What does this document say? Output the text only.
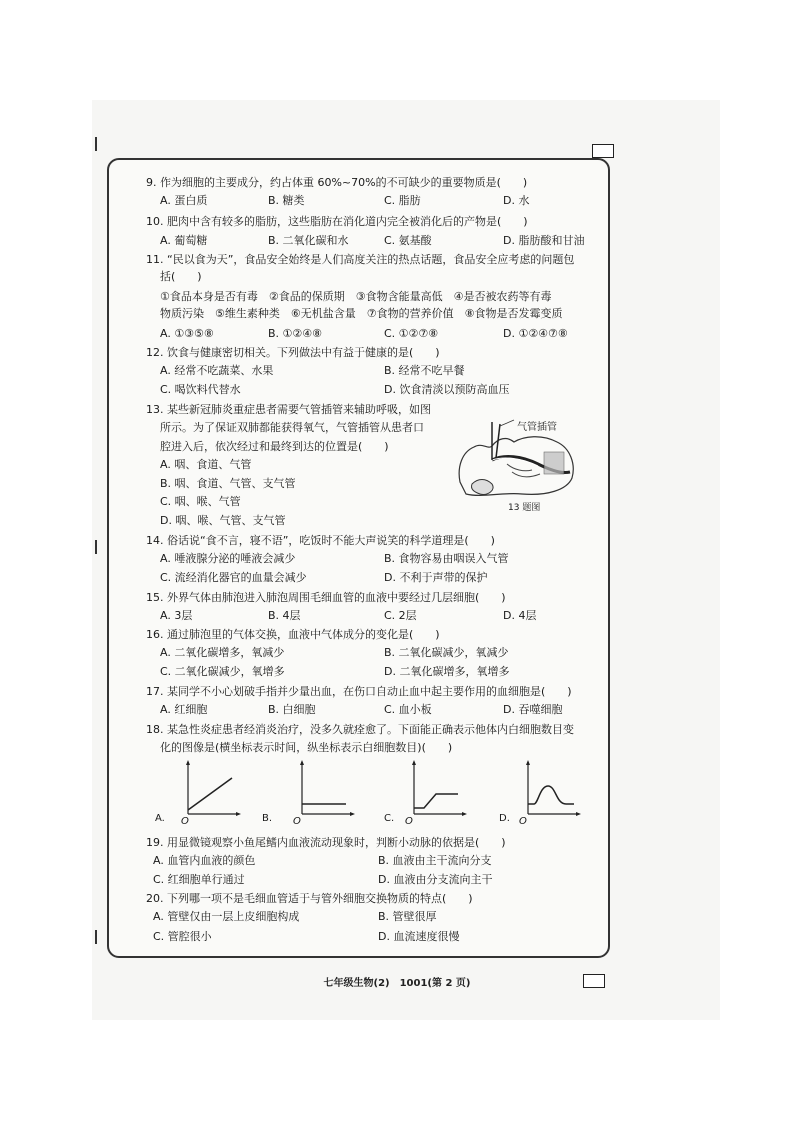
9. 作为细胞的主要成分，约占体重 60%~70%的不可缺少的重要物质是(　　)
A. 蛋白质	B. 糖类	C. 脂肪	D. 水
10. 肥肉中含有较多的脂肪，这些脂肪在消化道内完全被消化后的产物是(　　)
A. 葡萄糖	B. 二氧化碳和水	C. 氨基酸	D. 脂肪酸和甘油
11. “民以食为天”，食品安全始终是人们高度关注的热点话题，食品安全应考虑的问题包
括(　　)
①食品本身是否有毒　②食品的保质期　③食物含能量高低　④是否被农药等有毒
物质污染　⑤维生素种类　⑥无机盐含量　⑦食物的营养价值　⑧食物是否发霉变质
A. ①③⑤⑧	B. ①②④⑧	C. ①②⑦⑧	D. ①②④⑦⑧
12. 饮食与健康密切相关。下列做法中有益于健康的是(　　)
A. 经常不吃蔬菜、水果	B. 经常不吃早餐
C. 喝饮料代替水	D. 饮食清淡以预防高血压
13. 某些新冠肺炎重症患者需要气管插管来辅助呼吸，如图
所示。为了保证双肺都能获得氧气，气管插管从患者口
腔进入后，依次经过和最终到达的位置是(　　)
A. 咽、食道、气管
B. 咽、食道、气管、支气管
C. 咽、喉、气管
D. 咽、喉、气管、支气管
气管插管
13 题图
14. 俗话说“食不言，寝不语”，吃饭时不能大声说笑的科学道理是(　　)
A. 唾液腺分泌的唾液会减少	B. 食物容易由咽误入气管
C. 流经消化器官的血量会减少	D. 不利于声带的保护
15. 外界气体由肺泡进入肺泡周围毛细血管的血液中要经过几层细胞(　　)
A. 3层	B. 4层	C. 2层	D. 4层
16. 通过肺泡里的气体交换，血液中气体成分的变化是(　　)
A. 二氧化碳增多，氧减少	B. 二氧化碳减少，氧减少
C. 二氧化碳减少，氧增多	D. 二氧化碳增多，氧增多
17. 某同学不小心划破手指并少量出血，在伤口自动止血中起主要作用的血细胞是(　　)
A. 红细胞	B. 白细胞	C. 血小板	D. 吞噬细胞
18. 某急性炎症患者经消炎治疗，没多久就痊愈了。下面能正确表示他体内白细胞数目变
化的图像是(横坐标表示时间，纵坐标表示白细胞数目)(　　)
A. O	B. O	C. O	D. O
19. 用显微镜观察小鱼尾鳍内血液流动现象时，判断小动脉的依据是(　　)
A. 血管内血液的颜色	B. 血液由主干流向分支
C. 红细胞单行通过	D. 血液由分支流向主干
20. 下列哪一项不是毛细血管适于与管外细胞交换物质的特点(　　)
A. 管壁仅由一层上皮细胞构成	B. 管壁很厚
C. 管腔很小	D. 血流速度很慢
七年级生物(2)　1001(第 2 页)
